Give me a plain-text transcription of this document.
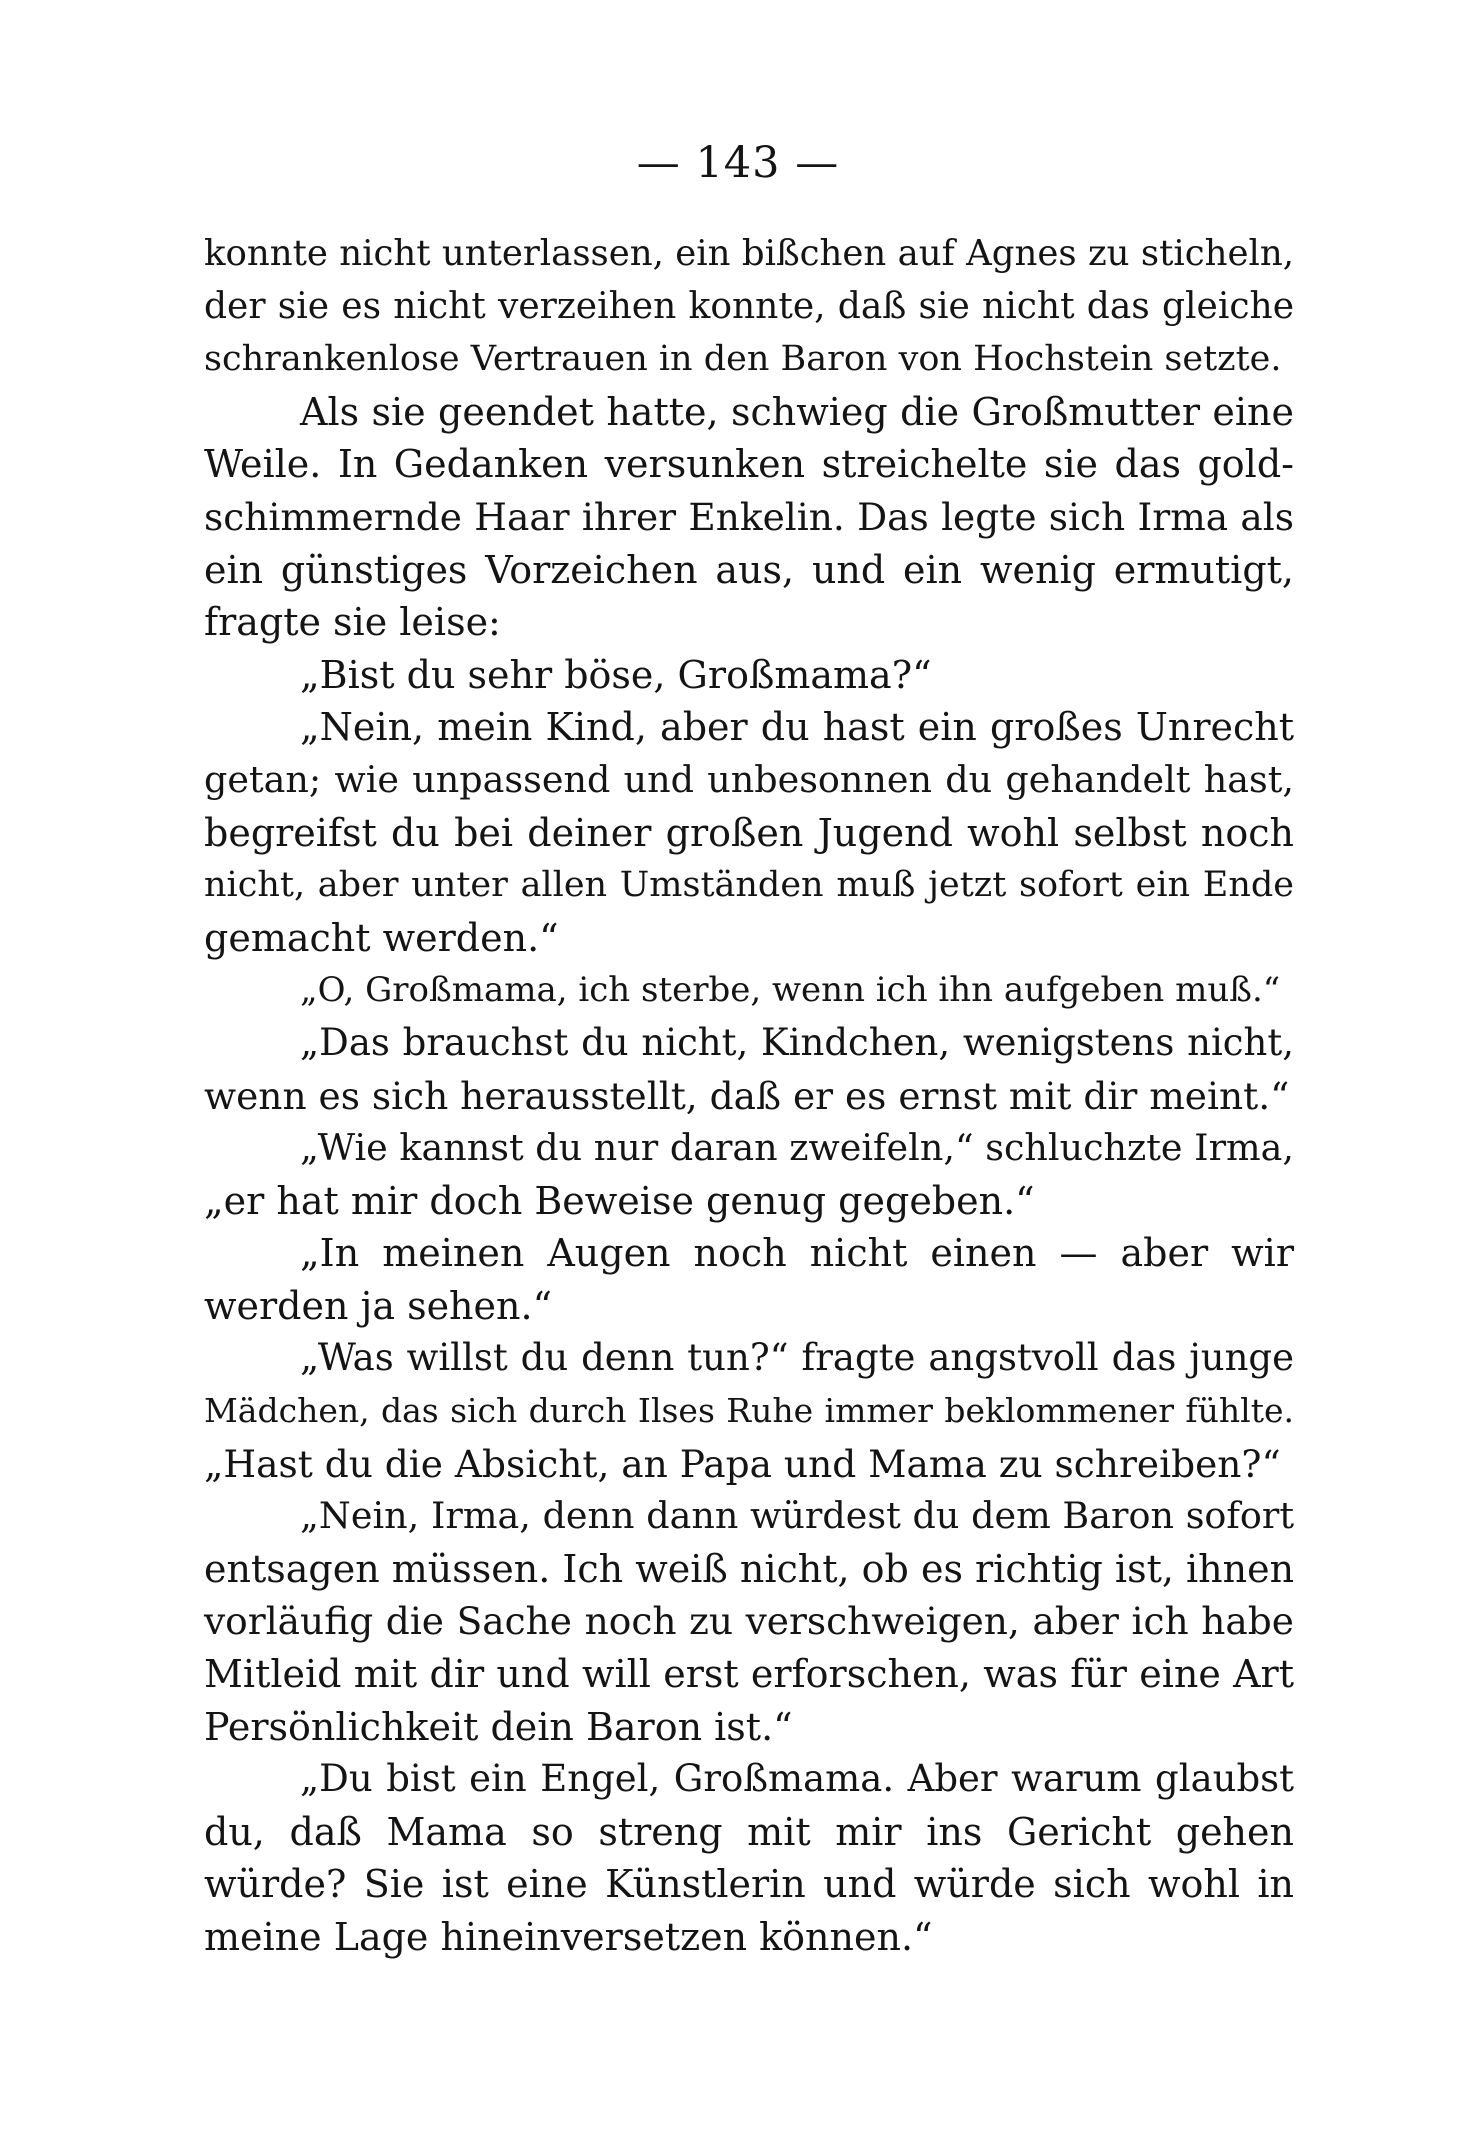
— 143 —
konnte nicht unterlassen, ein bißchen auf Agnes zu sticheln,
der sie es nicht verzeihen konnte, daß sie nicht das gleiche
schrankenlose Vertrauen in den Baron von Hochstein setzte.
Als sie geendet hatte, schwieg die Großmutter eine
Weile. In Gedanken versunken streichelte sie das gold-
schimmernde Haar ihrer Enkelin. Das legte sich Irma als
ein günstiges Vorzeichen aus, und ein wenig ermutigt,
fragte sie leise:
„Bist du sehr böse, Großmama?“
„Nein, mein Kind, aber du hast ein großes Unrecht
getan; wie unpassend und unbesonnen du gehandelt hast,
begreifst du bei deiner großen Jugend wohl selbst noch
nicht, aber unter allen Umständen muß jetzt sofort ein Ende
gemacht werden.“
„O, Großmama, ich sterbe, wenn ich ihn aufgeben muß.“
„Das brauchst du nicht, Kindchen, wenigstens nicht,
wenn es sich herausstellt, daß er es ernst mit dir meint.“
„Wie kannst du nur daran zweifeln,“ schluchzte Irma,
„er hat mir doch Beweise genug gegeben.“
„In meinen Augen noch nicht einen — aber wir
werden ja sehen.“
„Was willst du denn tun?“ fragte angstvoll das junge
Mädchen, das sich durch Ilses Ruhe immer beklommener fühlte.
„Hast du die Absicht, an Papa und Mama zu schreiben?“
„Nein, Irma, denn dann würdest du dem Baron sofort
entsagen müssen. Ich weiß nicht, ob es richtig ist, ihnen
vorläufig die Sache noch zu verschweigen, aber ich habe
Mitleid mit dir und will erst erforschen, was für eine Art
Persönlichkeit dein Baron ist.“
„Du bist ein Engel, Großmama. Aber warum glaubst
du, daß Mama so streng mit mir ins Gericht gehen
würde? Sie ist eine Künstlerin und würde sich wohl in
meine Lage hineinversetzen können.“
